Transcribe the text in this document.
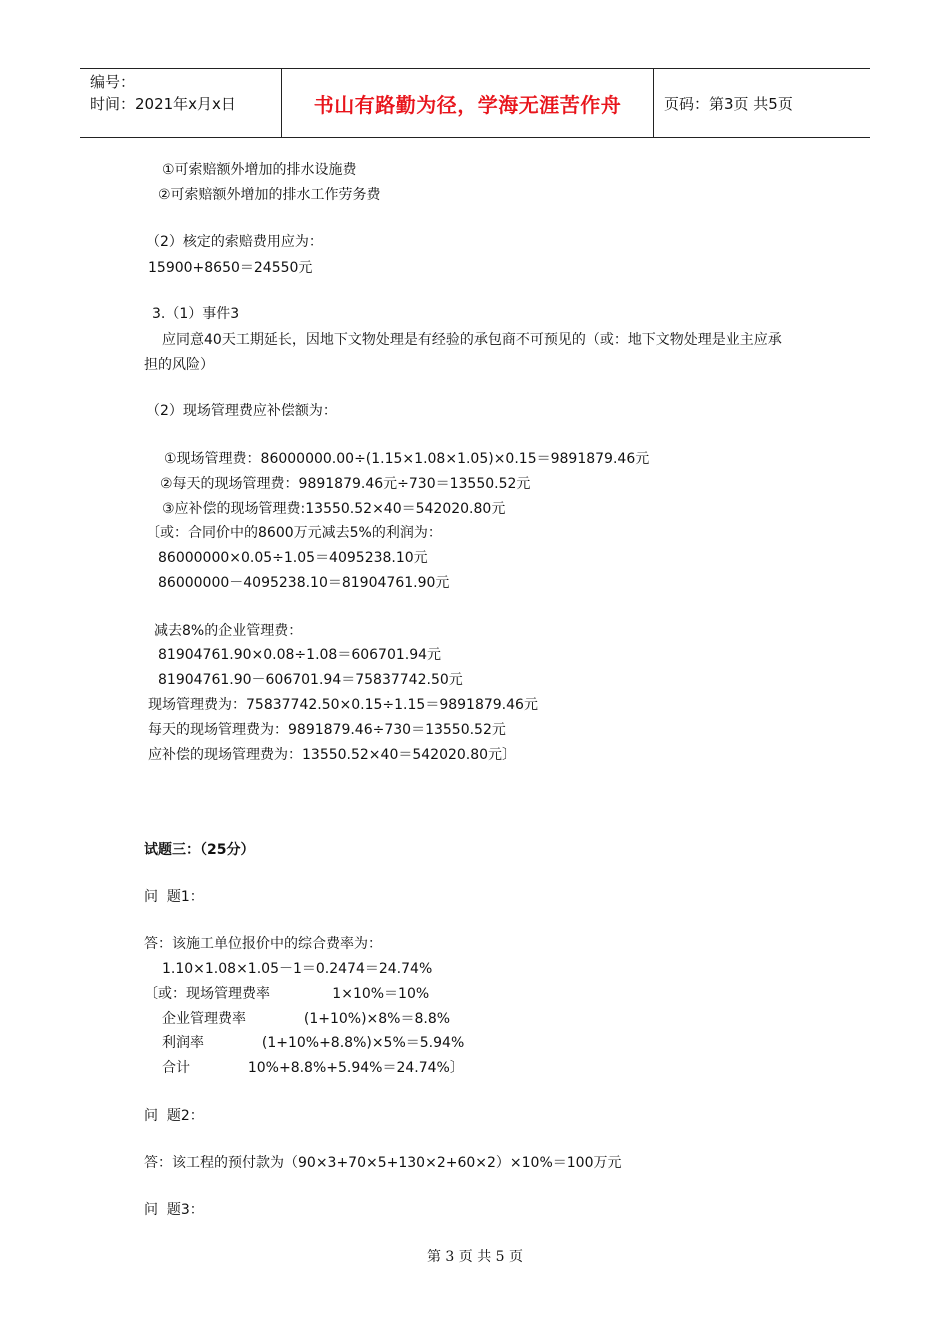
编号：
时间：2021年x月x日	书山有路勤为径，学海无涯苦作舟	页码：第3页 共5页
①可索赔额外增加的排水设施费
②可索赔额外增加的排水工作劳务费
（2）核定的索赔费用应为：
15900+8650＝24550元
3.（1）事件3
应同意40天工期延长，因地下文物处理是有经验的承包商不可预见的（或：地下文物处理是业主应承
担的风险）
（2）现场管理费应补偿额为：
①现场管理费：86000000.00÷(1.15×1.08×1.05)×0.15＝9891879.46元
②每天的现场管理费：9891879.46元÷730＝13550.52元
③应补偿的现场管理费:13550.52×40＝542020.80元
〔或：合同价中的8600万元减去5%的利润为：
86000000×0.05÷1.05＝4095238.10元
86000000－4095238.10＝81904761.90元
减去8%的企业管理费：
81904761.90×0.08÷1.08＝606701.94元
81904761.90－606701.94＝75837742.50元
现场管理费为：75837742.50×0.15÷1.15＝9891879.46元
每天的现场管理费为：9891879.46÷730＝13550.52元
应补偿的现场管理费为：13550.52×40＝542020.80元〕
试题三：（25分）
问  题1：
答：该施工单位报价中的综合费率为：
1.10×1.08×1.05－1＝0.2474＝24.74%
〔或：现场管理费率              1×10%＝10%
企业管理费率             (1+10%)×8%＝8.8%
利润率             (1+10%+8.8%)×5%＝5.94%
合计             10%+8.8%+5.94%＝24.74%〕
问  题2：
答：该工程的预付款为（90×3+70×5+130×2+60×2）×10%＝100万元
问  题3：
第 3 页 共 5 页
